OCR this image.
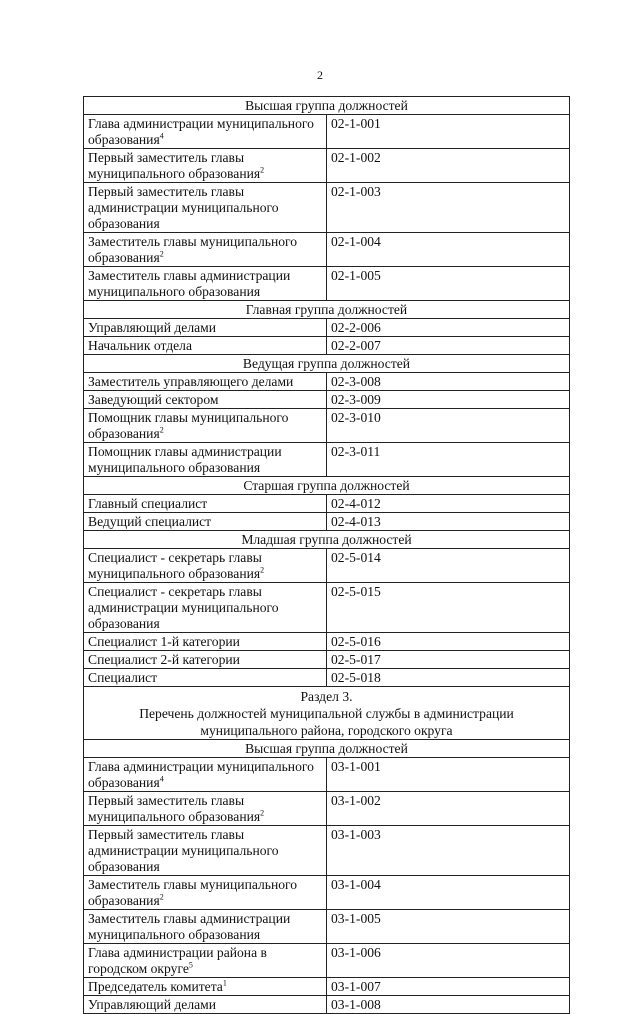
2
Высшая группа должностей	
Глава администрации муниципального образования$^4$	02-1-001
Первый заместитель главы муниципального образования$^2$	02-1-002
Первый заместитель главы администрации муниципального образования	02-1-003
Заместитель главы муниципального образования$^2$	02-1-004
Заместитель главы администрации муниципального образования	02-1-005
Главная группа должностей	
Управляющий делами	02-2-006
Начальник отдела	02-2-007
Ведущая группа должностей	
Заместитель управляющего делами	02-3-008
Заведующий сектором	02-3-009
Помощник главы муниципального образования$^2$	02-3-010
Помощник главы администрации муниципального образования	02-3-011
Старшая группа должностей	
Главный специалист	02-4-012
Ведущий специалист	02-4-013
Младшая группа должностей	
Специалист - секретарь главы муниципального образования$^2$	02-5-014
Специалист - секретарь главы администрации муниципального образования	02-5-015
Специалист 1-й категории	02-5-016
Специалист 2-й категории	02-5-017
Специалист	02-5-018

Раздел 3.
Перечень должностей муниципальной службы в администрации
муниципального района, городского округа	

Высшая группа должностей	
Глава администрации муниципального образования$^4$	03-1-001
Первый заместитель главы муниципального образования$^2$	03-1-002
Первый заместитель главы администрации муниципального образования	03-1-003
Заместитель главы муниципального образования$^2$	03-1-004
Заместитель главы администрации муниципального образования	03-1-005
Глава администрации района в городском округе$^5$	03-1-006
Председатель комитета$^1$	03-1-007
Управляющий делами	03-1-008
